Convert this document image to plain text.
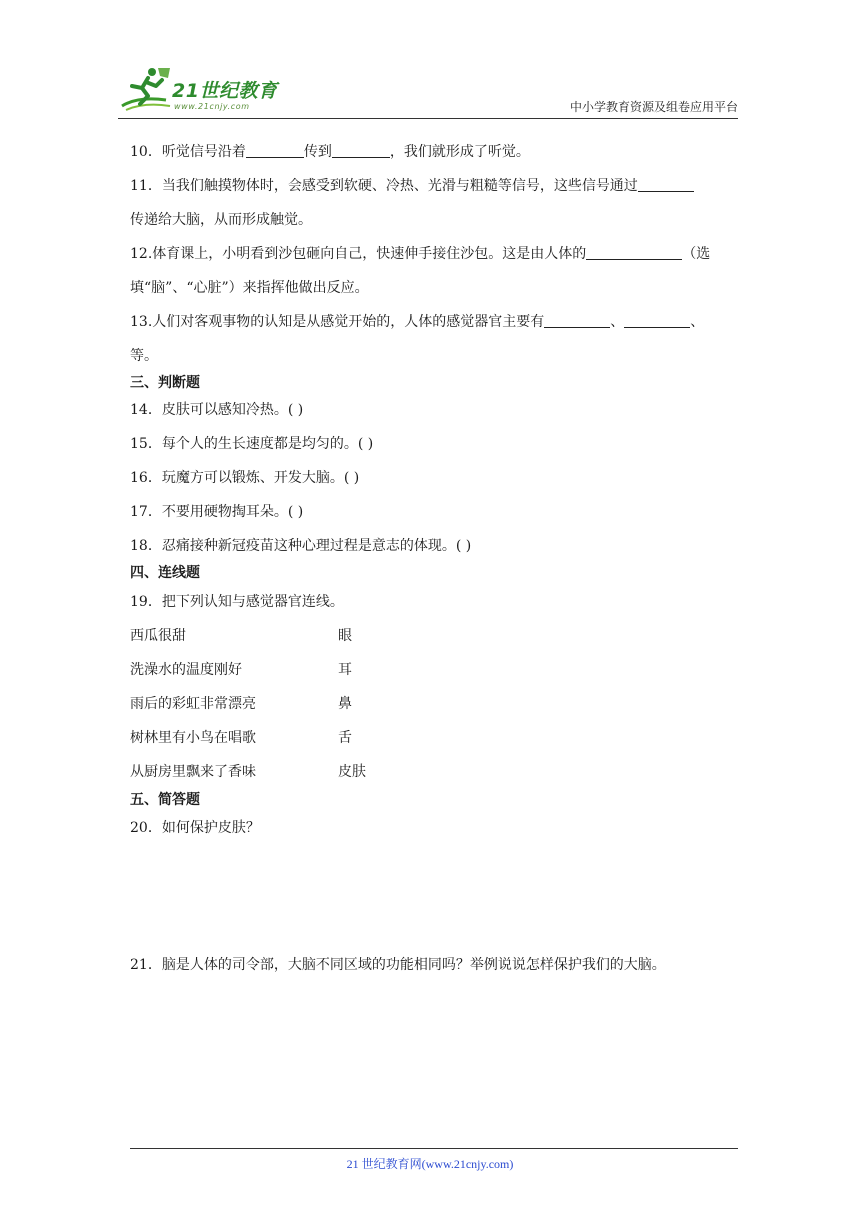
21世纪教育
www.21cnjy.com	中小学教育资源及组卷应用平台
10．听觉信号沿着	传到	，我们就形成了听觉。
11．当我们触摸物体时，会感受到软硬、冷热、光滑与粗糙等信号，这些信号通过
传递给大脑，从而形成触觉。
12.体育课上，小明看到沙包砸向自己，快速伸手接住沙包。这是由人体的	（选
填“脑”、“心脏”）来指挥他做出反应。
13.人们对客观事物的认知是从感觉开始的，人体的感觉器官主要有	、	、
等。
三、判断题
14．皮肤可以感知冷热。( )
15．每个人的生长速度都是均匀的。( )
16．玩魔方可以锻炼、开发大脑。( )
17．不要用硬物掏耳朵。( )
18．忍痛接种新冠疫苗这种心理过程是意志的体现。( )
四、连线题
19．把下列认知与感觉器官连线。
西瓜很甜	眼
洗澡水的温度刚好	耳
雨后的彩虹非常漂亮	鼻
树林里有小鸟在唱歌	舌
从厨房里飘来了香味	皮肤
五、简答题
20．如何保护皮肤？
21．脑是人体的司令部，大脑不同区域的功能相同吗？举例说说怎样保护我们的大脑。
21 世纪教育网(www.21cnjy.com)
